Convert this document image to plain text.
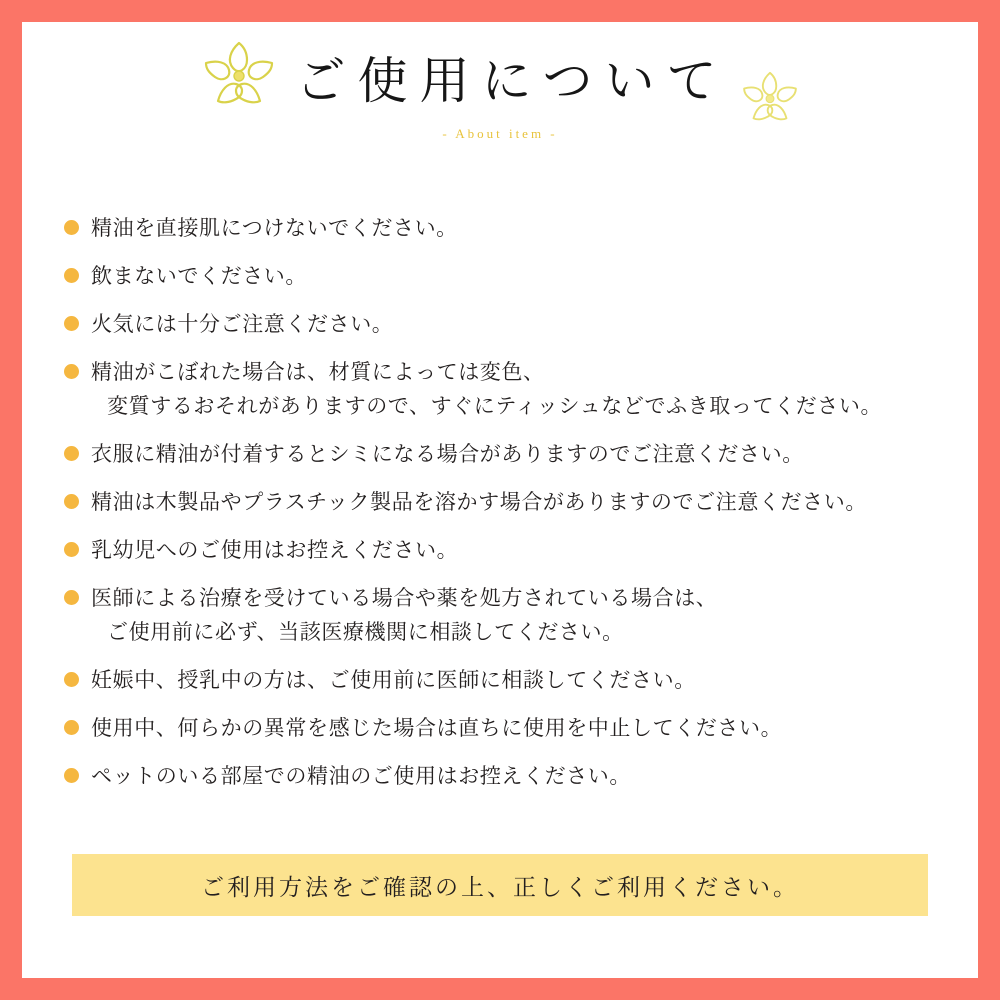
ご使用について
- About item -
精油を直接肌につけないでください。
飲まないでください。
火気には十分ご注意ください。
精油がこぼれた場合は、材質によっては変色、
変質するおそれがありますので、すぐにティッシュなどでふき取ってください。
衣服に精油が付着するとシミになる場合がありますのでご注意ください。
精油は木製品やプラスチック製品を溶かす場合がありますのでご注意ください。
乳幼児へのご使用はお控えください。
医師による治療を受けている場合や薬を処方されている場合は、
ご使用前に必ず、当該医療機関に相談してください。
妊娠中、授乳中の方は、ご使用前に医師に相談してください。
使用中、何らかの異常を感じた場合は直ちに使用を中止してください。
ペットのいる部屋での精油のご使用はお控えください。
ご利用方法をご確認の上、正しくご利用ください。
